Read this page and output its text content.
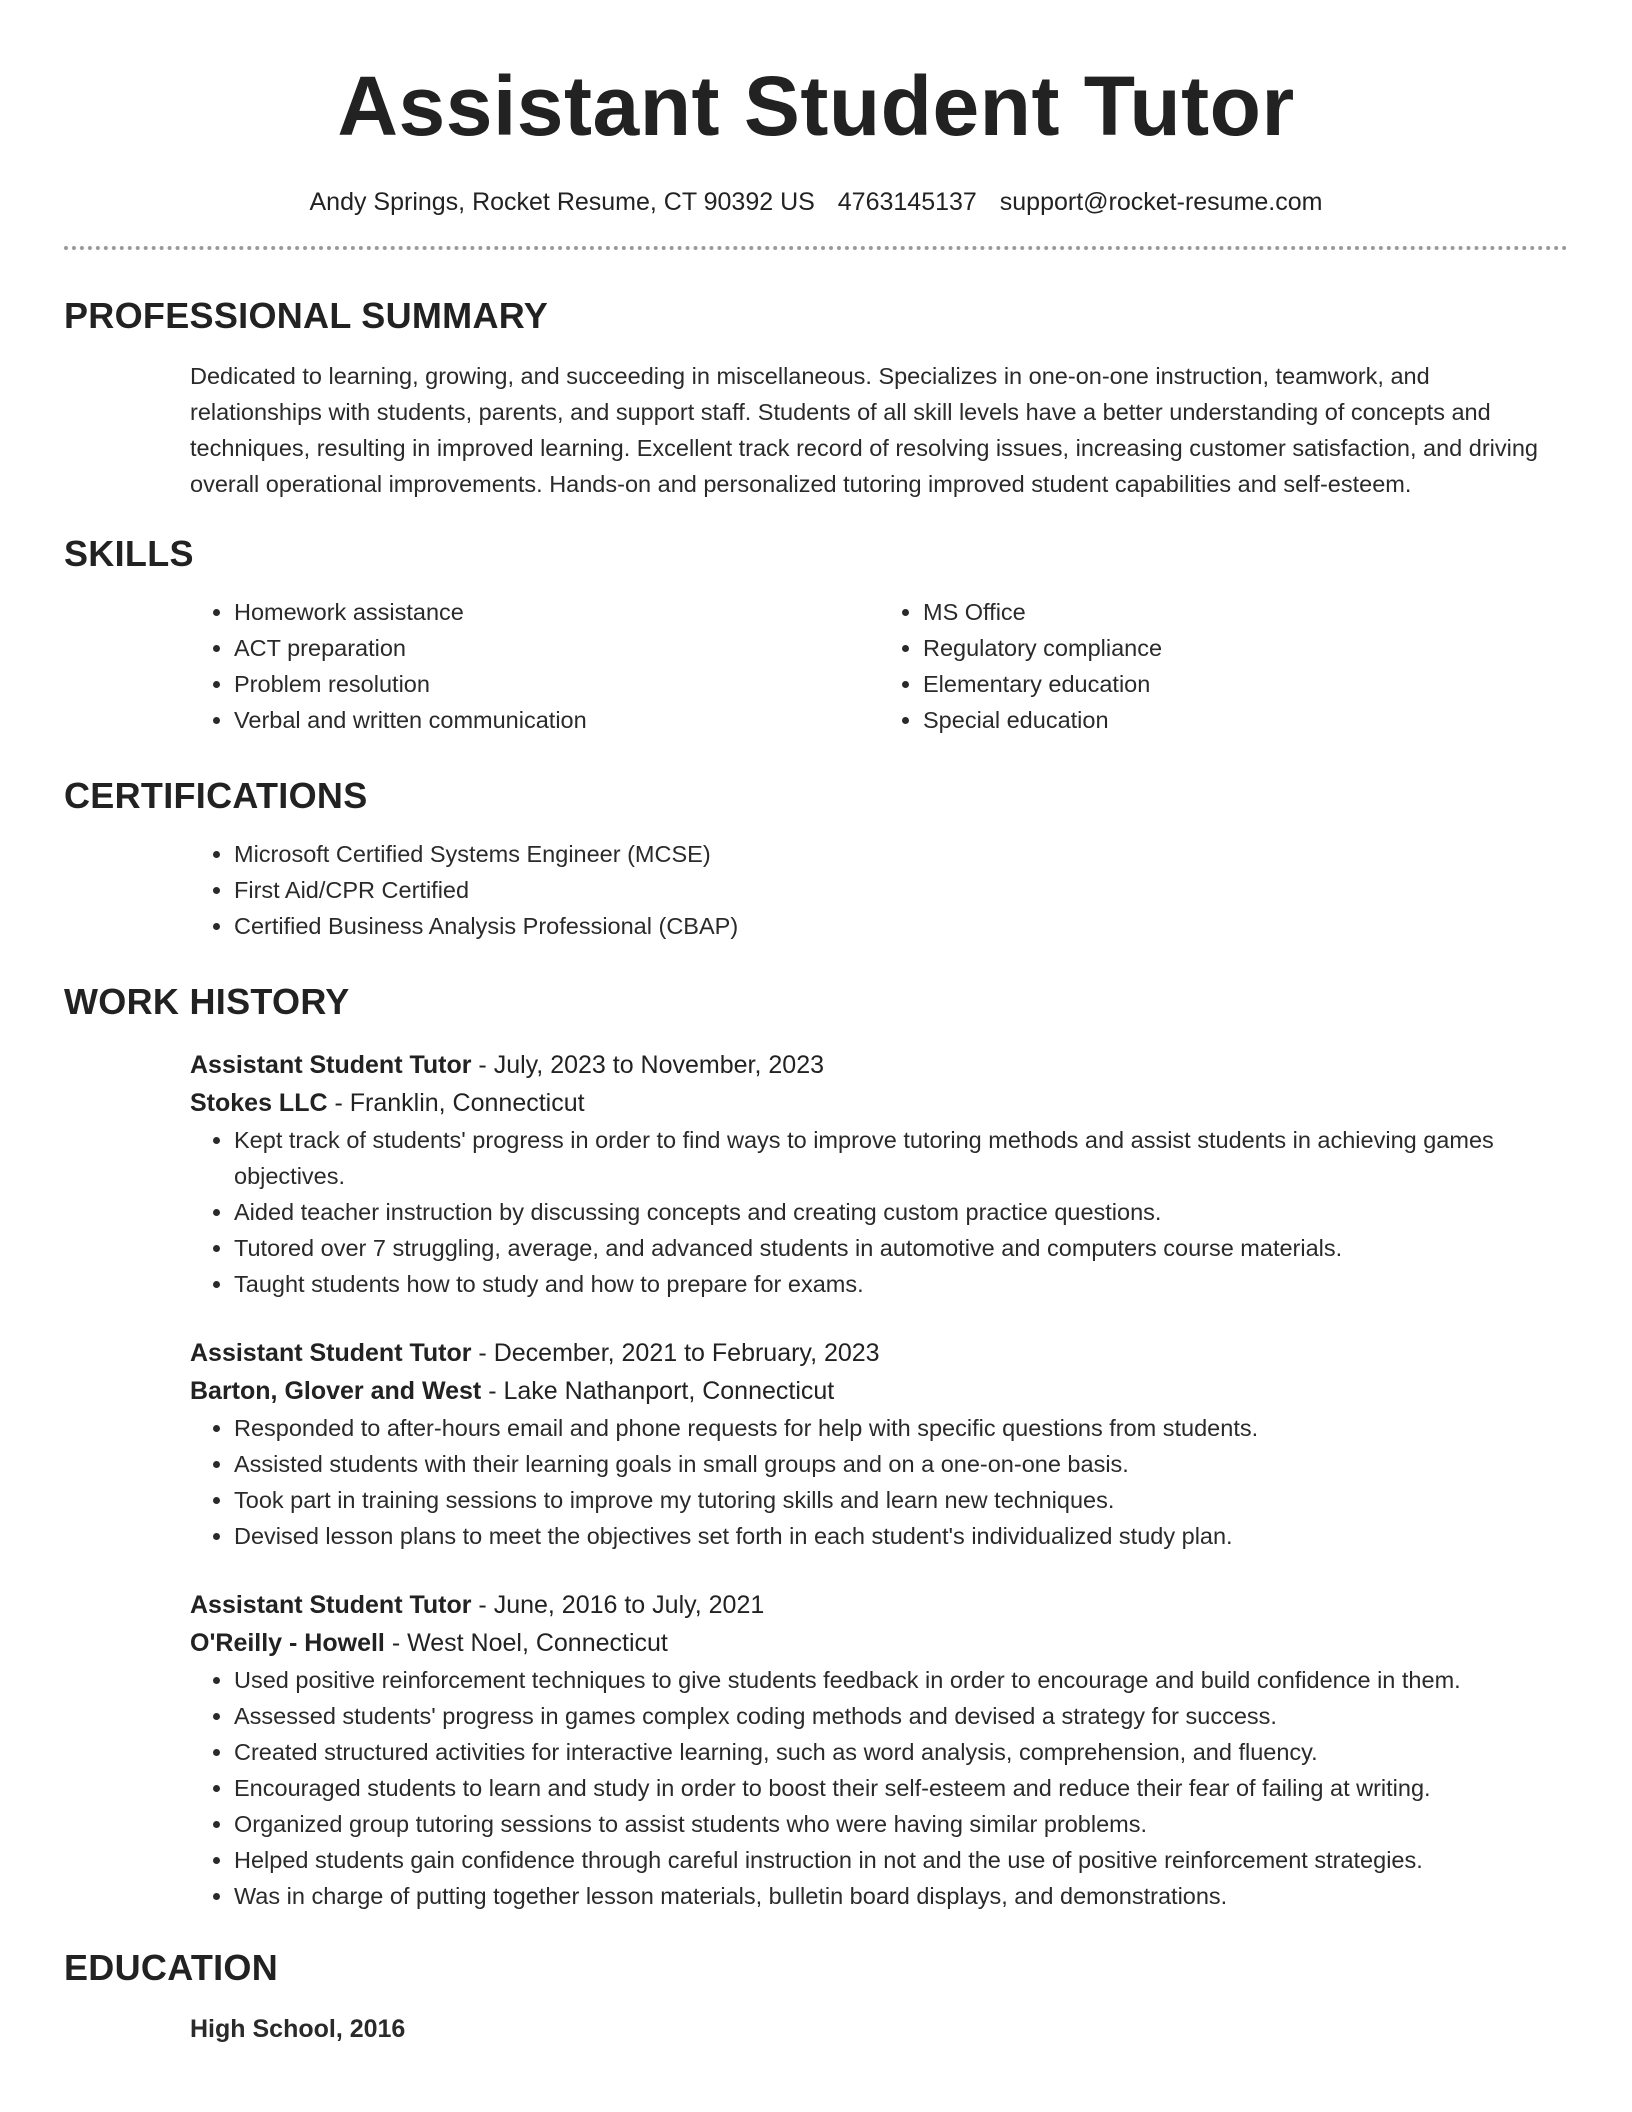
Assistant Student Tutor
Andy Springs, Rocket Resume, CT 90392 US 4763145137 support@rocket-resume.com
PROFESSIONAL SUMMARY

Dedicated to learning, growing, and succeeding in miscellaneous. Specializes in one-on-one instruction, teamwork, and relationships with students, parents, and support staff. Students of all skill levels have a better understanding of concepts and techniques, resulting in improved learning. Excellent track record of resolving issues, increasing customer satisfaction, and driving overall operational improvements. Hands-on and personalized tutoring improved student capabilities and self-esteem.

SKILLS
• Homework assistance
• ACT preparation
• Problem resolution
• Verbal and written communication
• MS Office
• Regulatory compliance
• Elementary education
• Special education
CERTIFICATIONS
• Microsoft Certified Systems Engineer (MCSE)
• First Aid/CPR Certified
• Certified Business Analysis Professional (CBAP)
WORK HISTORY
Assistant Student Tutor - July, 2023 to November, 2023
Stokes LLC - Franklin, Connecticut
• Kept track of students' progress in order to find ways to improve tutoring methods and assist students in achieving games objectives.
• Aided teacher instruction by discussing concepts and creating custom practice questions.
• Tutored over 7 struggling, average, and advanced students in automotive and computers course materials.
• Taught students how to study and how to prepare for exams.
Assistant Student Tutor - December, 2021 to February, 2023
Barton, Glover and West - Lake Nathanport, Connecticut
• Responded to after-hours email and phone requests for help with specific questions from students.
• Assisted students with their learning goals in small groups and on a one-on-one basis.
• Took part in training sessions to improve my tutoring skills and learn new techniques.
• Devised lesson plans to meet the objectives set forth in each student's individualized study plan.
Assistant Student Tutor - June, 2016 to July, 2021
O'Reilly - Howell - West Noel, Connecticut
• Used positive reinforcement techniques to give students feedback in order to encourage and build confidence in them.
• Assessed students' progress in games complex coding methods and devised a strategy for success.
• Created structured activities for interactive learning, such as word analysis, comprehension, and fluency.
• Encouraged students to learn and study in order to boost their self-esteem and reduce their fear of failing at writing.
• Organized group tutoring sessions to assist students who were having similar problems.
• Helped students gain confidence through careful instruction in not and the use of positive reinforcement strategies.
• Was in charge of putting together lesson materials, bulletin board displays, and demonstrations.
EDUCATION
High School, 2016
